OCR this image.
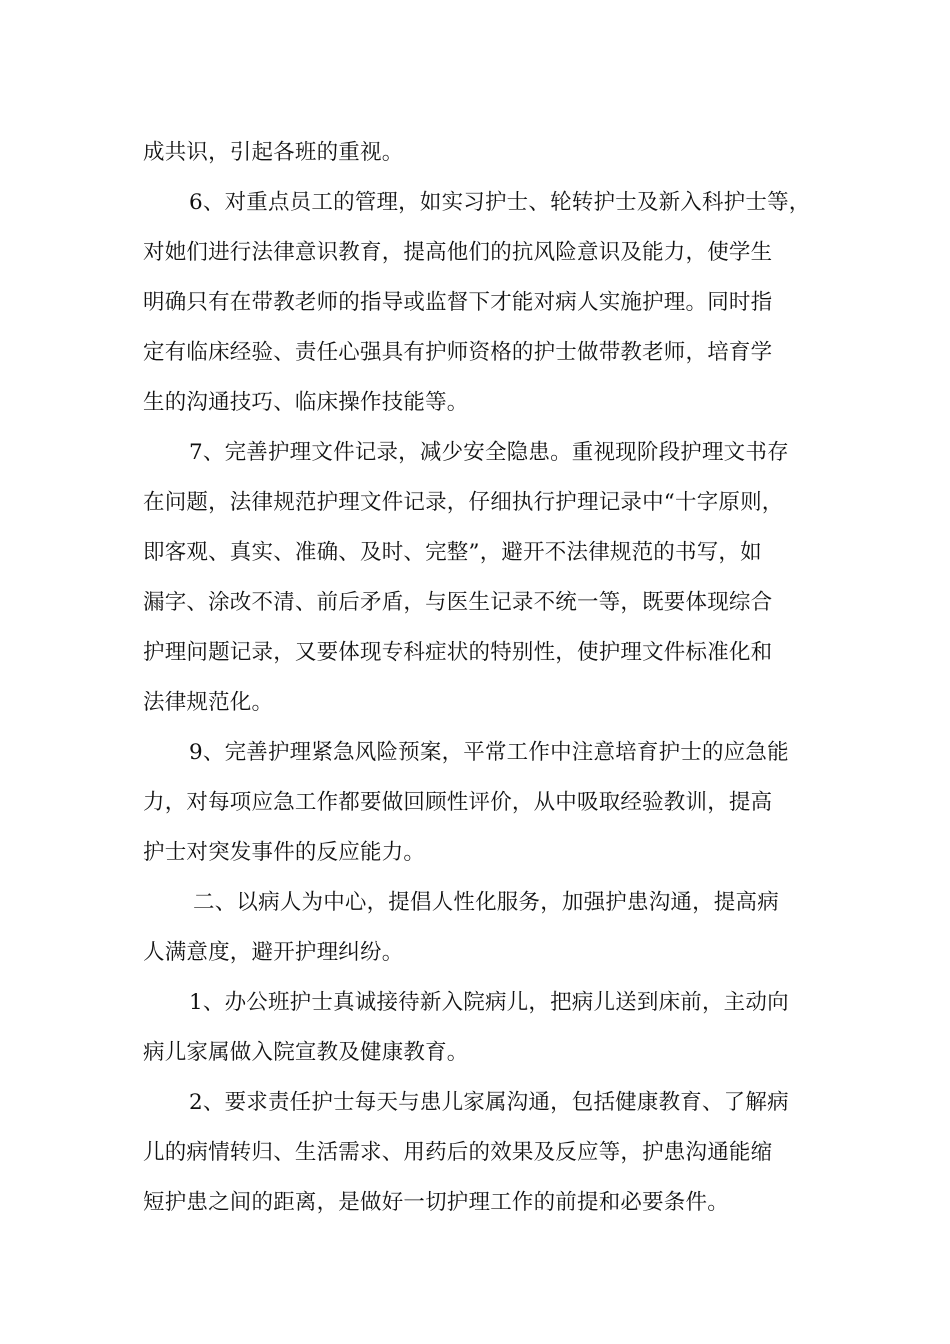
成共识，引起各班的重视。
6、对重点员工的管理，如实习护士、轮转护士及新入科护士等，
对她们进行法律意识教育，提高他们的抗风险意识及能力，使学生
明确只有在带教老师的指导或监督下才能对病人实施护理。同时指
定有临床经验、责任心强具有护师资格的护士做带教老师，培育学
生的沟通技巧、临床操作技能等。
7、完善护理文件记录，减少安全隐患。重视现阶段护理文书存
在问题，法律规范护理文件记录，仔细执行护理记录中“十字原则，
即客观、真实、准确、及时、完整”，避开不法律规范的书写，如
漏字、涂改不清、前后矛盾，与医生记录不统一等，既要体现综合
护理问题记录，又要体现专科症状的特别性，使护理文件标准化和
法律规范化。
9、完善护理紧急风险预案，平常工作中注意培育护士的应急能
力，对每项应急工作都要做回顾性评价，从中吸取经验教训，提高
护士对突发事件的反应能力。
二、以病人为中心，提倡人性化服务，加强护患沟通，提高病
人满意度，避开护理纠纷。
1、办公班护士真诚接待新入院病儿，把病儿送到床前，主动向
病儿家属做入院宣教及健康教育。
2、要求责任护士每天与患儿家属沟通，包括健康教育、了解病
儿的病情转归、生活需求、用药后的效果及反应等，护患沟通能缩
短护患之间的距离，是做好一切护理工作的前提和必要条件。
